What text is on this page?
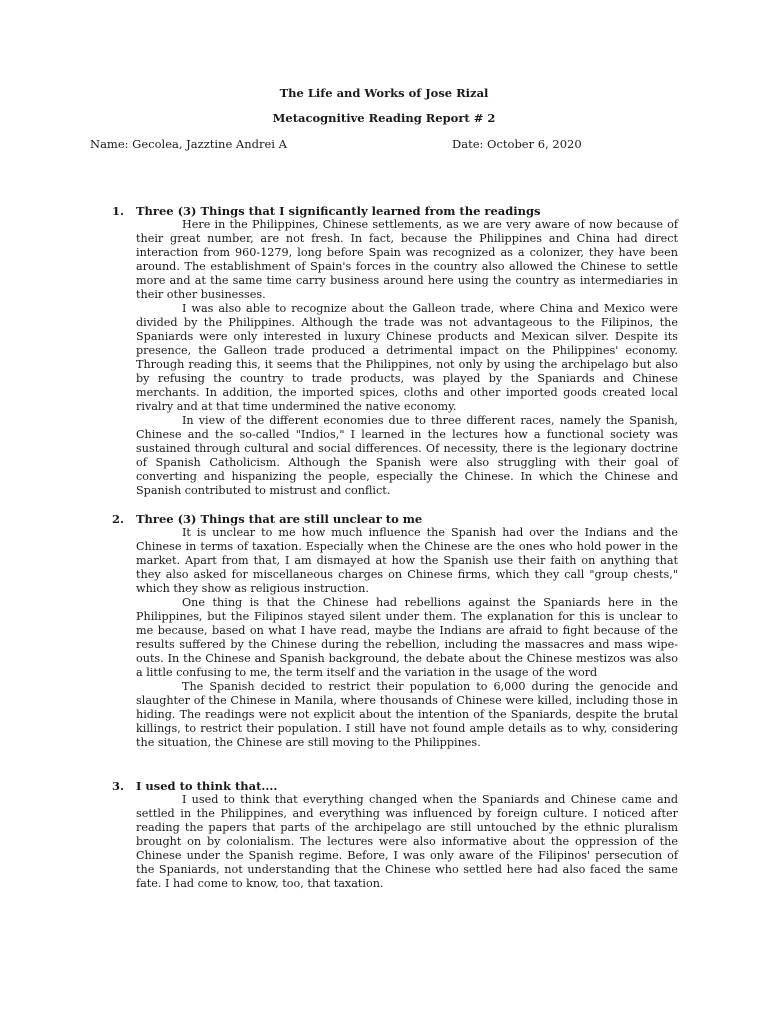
The Life and Works of Jose Rizal
Metacognitive Reading Report # 2
Name: Gecolea, Jazztine Andrei A	Date: October 6, 2020
1.	Three (3) Things that I significantly learned from the readings

Here in the Philippines, Chinese settlements, as we are very aware of now because of their great number, are not fresh. In fact, because the Philippines and China had direct interaction from 960-1279, long before Spain was recognized as a colonizer, they have been around. The establishment of Spain's forces in the country also allowed the Chinese to settle more and at the same time carry business around here using the country as intermediaries in their other businesses.

I was also able to recognize about the Galleon trade, where China and Mexico were divided by the Philippines. Although the trade was not advantageous to the Filipinos, the Spaniards were only interested in luxury Chinese products and Mexican silver. Despite its presence, the Galleon trade produced a detrimental impact on the Philippines' economy. Through reading this, it seems that the Philippines, not only by using the archipelago but also by refusing the country to trade products, was played by the Spaniards and Chinese merchants. In addition, the imported spices, cloths and other imported goods created local rivalry and at that time undermined the native economy.

In view of the different economies due to three different races, namely the Spanish, Chinese and the so-called "Indios," I learned in the lectures how a functional society was sustained through cultural and social differences. Of necessity, there is the legionary doctrine of Spanish Catholicism. Although the Spanish were also struggling with their goal of converting and hispanizing the people, especially the Chinese. In which the Chinese and Spanish contributed to mistrust and conflict.

2.	Three (3) Things that are still unclear to me

It is unclear to me how much influence the Spanish had over the Indians and the Chinese in terms of taxation. Especially when the Chinese are the ones who hold power in the market. Apart from that, I am dismayed at how the Spanish use their faith on anything that they also asked for miscellaneous charges on Chinese firms, which they call "group chests," which they show as religious instruction.

One thing is that the Chinese had rebellions against the Spaniards here in the Philippines, but the Filipinos stayed silent under them. The explanation for this is unclear to me because, based on what I have read, maybe the Indians are afraid to fight because of the results suffered by the Chinese during the rebellion, including the massacres and mass wipe-outs. In the Chinese and Spanish background, the debate about the Chinese mestizos was also a little confusing to me, the term itself and the variation in the usage of the word

The Spanish decided to restrict their population to 6,000 during the genocide and slaughter of the Chinese in Manila, where thousands of Chinese were killed, including those in hiding. The readings were not explicit about the intention of the Spaniards, despite the brutal killings, to restrict their population. I still have not found ample details as to why, considering the situation, the Chinese are still moving to the Philippines.

3.	I used to think that....

I used to think that everything changed when the Spaniards and Chinese came and settled in the Philippines, and everything was influenced by foreign culture. I noticed after reading the papers that parts of the archipelago are still untouched by the ethnic pluralism brought on by colonialism. The lectures were also informative about the oppression of the Chinese under the Spanish regime. Before, I was only aware of the Filipinos' persecution of the Spaniards, not understanding that the Chinese who settled here had also faced the same fate. I had come to know, too, that taxation.
